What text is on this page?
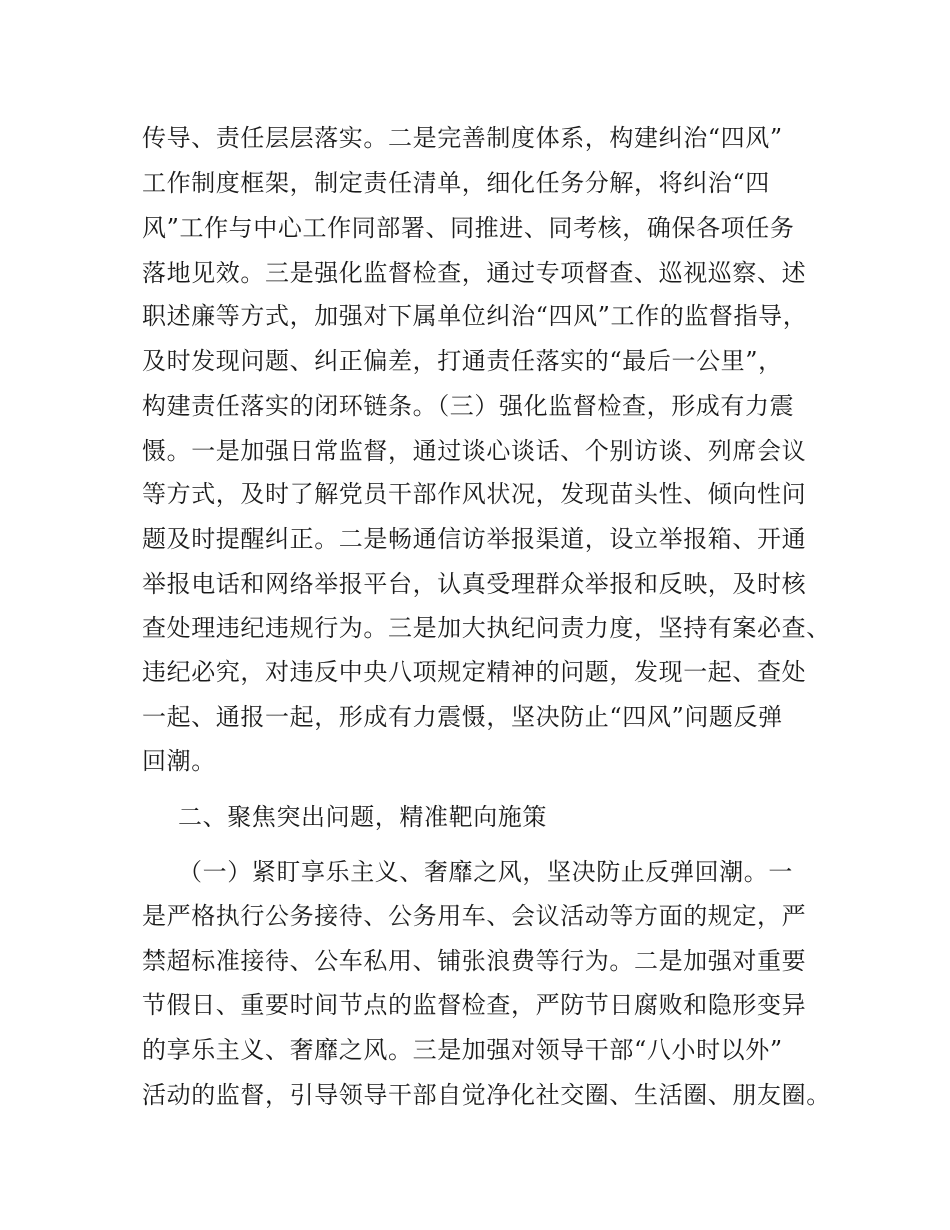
传导、责任层层落实。二是完善制度体系，构建纠治“四风”
工作制度框架，制定责任清单，细化任务分解，将纠治“四
风”工作与中心工作同部署、同推进、同考核，确保各项任务
落地见效。三是强化监督检查，通过专项督查、巡视巡察、述
职述廉等方式，加强对下属单位纠治“四风”工作的监督指导，
及时发现问题、纠正偏差，打通责任落实的“最后一公里”，
构建责任落实的闭环链条。（三）强化监督检查，形成有力震
慑。一是加强日常监督，通过谈心谈话、个别访谈、列席会议
等方式，及时了解党员干部作风状况，发现苗头性、倾向性问
题及时提醒纠正。二是畅通信访举报渠道，设立举报箱、开通
举报电话和网络举报平台，认真受理群众举报和反映，及时核
查处理违纪违规行为。三是加大执纪问责力度，坚持有案必查、
违纪必究，对违反中央八项规定精神的问题，发现一起、查处
一起、通报一起，形成有力震慑，坚决防止“四风”问题反弹
回潮。
二、聚焦突出问题，精准靶向施策
（一）紧盯享乐主义、奢靡之风，坚决防止反弹回潮。一
是严格执行公务接待、公务用车、会议活动等方面的规定，严
禁超标准接待、公车私用、铺张浪费等行为。二是加强对重要
节假日、重要时间节点的监督检查，严防节日腐败和隐形变异
的享乐主义、奢靡之风。三是加强对领导干部“八小时以外”
活动的监督，引导领导干部自觉净化社交圈、生活圈、朋友圈。
